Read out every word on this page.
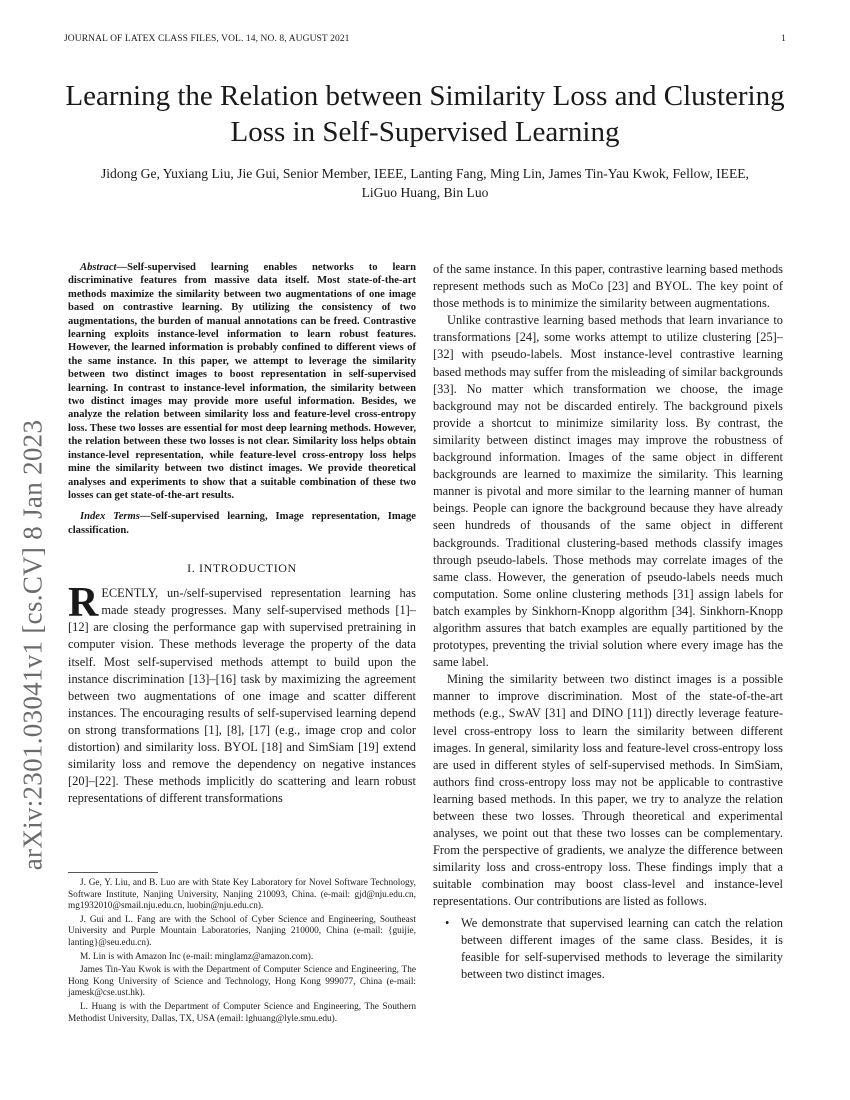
JOURNAL OF LATEX CLASS FILES, VOL. 14, NO. 8, AUGUST 2021	1
Learning the Relation between Similarity Loss and Clustering Loss in Self-Supervised Learning
Jidong Ge, Yuxiang Liu, Jie Gui, Senior Member, IEEE, Lanting Fang, Ming Lin, James Tin-Yau Kwok, Fellow, IEEE, LiGuo Huang, Bin Luo
arXiv:2301.03041v1 [cs.CV] 8 Jan 2023

Abstract—Self-supervised learning enables networks to learn discriminative features from massive data itself. Most state-of-the-art methods maximize the similarity between two augmentations of one image based on contrastive learning. By utilizing the consistency of two augmentations, the burden of manual annotations can be freed. Contrastive learning exploits instance-level information to learn robust features. However, the learned information is probably confined to different views of the same instance. In this paper, we attempt to leverage the similarity between two distinct images to boost representation in self-supervised learning. In contrast to instance-level information, the similarity between two distinct images may provide more useful information. Besides, we analyze the relation between similarity loss and feature-level cross-entropy loss. These two losses are essential for most deep learning methods. However, the relation between these two losses is not clear. Similarity loss helps obtain instance-level representation, while feature-level cross-entropy loss helps mine the similarity between two distinct images. We provide theoretical analyses and experiments to show that a suitable combination of these two losses can get state-of-the-art results.

Index Terms—Self-supervised learning, Image representation, Image classification.

I. INTRODUCTION

RECENTLY, un-/self-supervised representation learning has made steady progresses. Many self-supervised methods [1]–[12] are closing the performance gap with supervised pretraining in computer vision. These methods leverage the property of the data itself. Most self-supervised methods attempt to build upon the instance discrimination [13]–[16] task by maximizing the agreement between two augmentations of one image and scatter different instances. The encouraging results of self-supervised learning depend on strong transformations [1], [8], [17] (e.g., image crop and color distortion) and similarity loss. BYOL [18] and SimSiam [19] extend similarity loss and remove the dependency on negative instances [20]–[22]. These methods implicitly do scattering and learn robust representations of different transformations

J. Ge, Y. Liu, and B. Luo are with State Key Laboratory for Novel Software Technology, Software Institute, Nanjing University, Nanjing 210093, China. (e-mail: gjd@nju.edu.cn, mg1932010@smail.nju.edu.cn, luobin@nju.edu.cn).

J. Gui and L. Fang are with the School of Cyber Science and Engineering, Southeast University and Purple Mountain Laboratories, Nanjing 210000, China (e-mail: {guijie, lanting}@seu.edu.cn).

M. Lin is with Amazon Inc (e-mail: minglamz@amazon.com).

James Tin-Yau Kwok is with the Department of Computer Science and Engineering, The Hong Kong University of Science and Technology, Hong Kong 999077, China (e-mail: jamesk@cse.ust.hk).

L. Huang is with the Department of Computer Science and Engineering, The Southern Methodist University, Dallas, TX, USA (email: lghuang@lyle.smu.edu).

of the same instance. In this paper, contrastive learning based methods represent methods such as MoCo [23] and BYOL. The key point of those methods is to minimize the similarity between augmentations.

Unlike contrastive learning based methods that learn invariance to transformations [24], some works attempt to utilize clustering [25]–[32] with pseudo-labels. Most instance-level contrastive learning based methods may suffer from the misleading of similar backgrounds [33]. No matter which transformation we choose, the image background may not be discarded entirely. The background pixels provide a shortcut to minimize similarity loss. By contrast, the similarity between distinct images may improve the robustness of background information. Images of the same object in different backgrounds are learned to maximize the similarity. This learning manner is pivotal and more similar to the learning manner of human beings. People can ignore the background because they have already seen hundreds of thousands of the same object in different backgrounds. Traditional clustering-based methods classify images through pseudo-labels. Those methods may correlate images of the same class. However, the generation of pseudo-labels needs much computation. Some online clustering methods [31] assign labels for batch examples by Sinkhorn-Knopp algorithm [34]. Sinkhorn-Knopp algorithm assures that batch examples are equally partitioned by the prototypes, preventing the trivial solution where every image has the same label.

Mining the similarity between two distinct images is a possible manner to improve discrimination. Most of the state-of-the-art methods (e.g., SwAV [31] and DINO [11]) directly leverage feature-level cross-entropy loss to learn the similarity between different images. In general, similarity loss and feature-level cross-entropy loss are used in different styles of self-supervised methods. In SimSiam, authors find cross-entropy loss may not be applicable to contrastive learning based methods. In this paper, we try to analyze the relation between these two losses. Through theoretical and experimental analyses, we point out that these two losses can be complementary. From the perspective of gradients, we analyze the difference between similarity loss and cross-entropy loss. These findings imply that a suitable combination may boost class-level and instance-level representations. Our contributions are listed as follows.

• We demonstrate that supervised learning can catch the relation between different images of the same class. Besides, it is feasible for self-supervised methods to leverage the similarity between two distinct images.
